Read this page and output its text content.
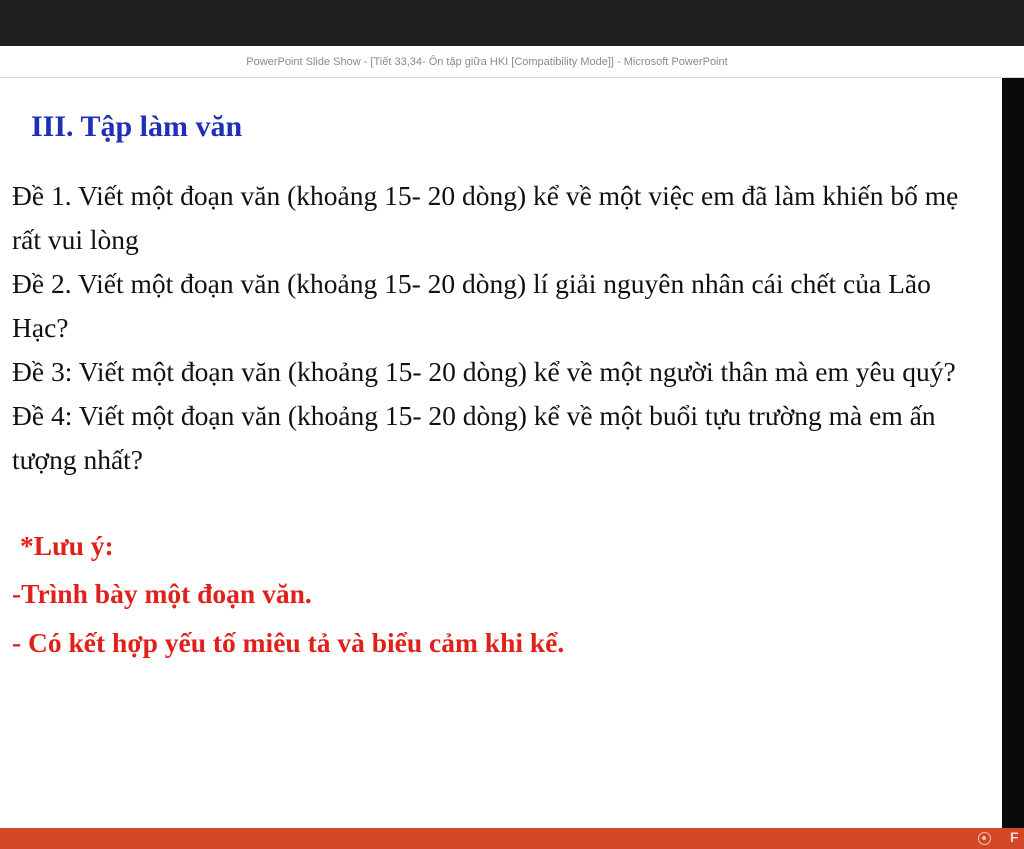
PowerPoint Slide Show - [Tiết 33,34- Ôn tập giữa HKI [Compatibility Mode]] - Microsoft PowerPoint
III. Tập làm văn

Đề 1. Viết một đoạn văn (khoảng 15- 20 dòng) kể về một việc em đã làm khiến bố mẹ rất vui lòng

Đề 2. Viết một đoạn văn (khoảng 15- 20 dòng) lí giải nguyên nhân cái chết của Lão Hạc?

Đề 3: Viết một đoạn văn (khoảng 15- 20 dòng) kể về một người thân mà em yêu quý?

Đề 4: Viết một đoạn văn (khoảng 15- 20 dòng) kể về một buổi tựu trường mà em ấn tượng nhất?

*Lưu ý:
-Trình bày một đoạn văn.
- Có kết hợp yếu tố miêu tả và biểu cảm khi kể.
F
